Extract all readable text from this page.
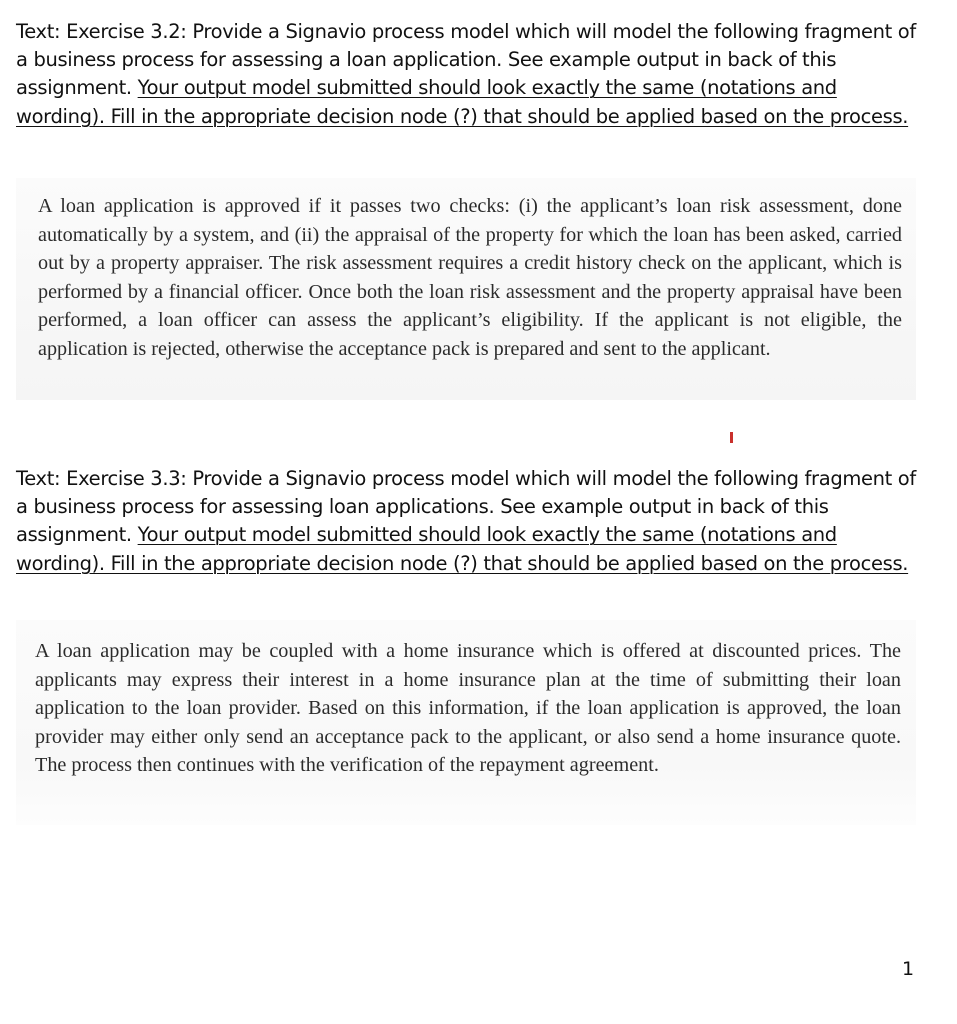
Text: Exercise 3.2: Provide a Signavio process model which will model the following fragment of a business process for assessing a loan application. See example output in back of this assignment. Your output model submitted should look exactly the same (notations and wording). Fill in the appropriate decision node (?) that should be applied based on the process.

A loan application is approved if it passes two checks: (i) the applicant’s loan risk assessment, done automatically by a system, and (ii) the appraisal of the property for which the loan has been asked, carried out by a property appraiser. The risk assessment requires a credit history check on the applicant, which is performed by a financial officer. Once both the loan risk assessment and the property appraisal have been performed, a loan officer can assess the applicant’s eligibility. If the applicant is not eligible, the application is rejected, otherwise the acceptance pack is prepared and sent to the applicant.

Text: Exercise 3.3: Provide a Signavio process model which will model the following fragment of a business process for assessing loan applications. See example output in back of this assignment. Your output model submitted should look exactly the same (notations and wording). Fill in the appropriate decision node (?) that should be applied based on the process.

A loan application may be coupled with a home insurance which is offered at discounted prices. The applicants may express their interest in a home insurance plan at the time of submitting their loan application to the loan provider. Based on this information, if the loan application is approved, the loan provider may either only send an acceptance pack to the applicant, or also send a home insurance quote. The process then continues with the verification of the repayment agreement.

1
